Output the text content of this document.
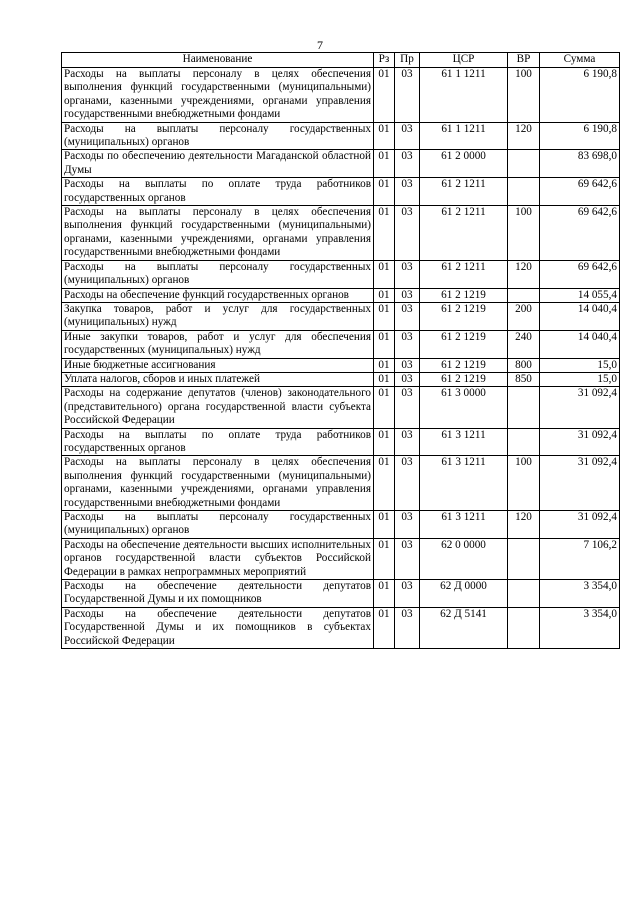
7
Наименование	Рз	Пр	ЦСР	ВР	Сумма
Расходы на выплаты персоналу в целях обеспечения выполнения функций государственными (муниципальными) органами, казенными учреждениями, органами управления государственными внебюджетными фондами	01	03	61 1 1211	100	6 190,8
Расходы на выплаты персоналу государственных (муниципальных) органов	01	03	61 1 1211	120	6 190,8
Расходы по обеспечению деятельности Магаданской областной Думы	01	03	61 2 0000		83 698,0
Расходы на выплаты по оплате труда работников государственных органов	01	03	61 2 1211		69 642,6
Расходы на выплаты персоналу в целях обеспечения выполнения функций государственными (муниципальными) органами, казенными учреждениями, органами управления государственными внебюджетными фондами	01	03	61 2 1211	100	69 642,6
Расходы на выплаты персоналу государственных (муниципальных) органов	01	03	61 2 1211	120	69 642,6
Расходы на обеспечение функций государственных органов	01	03	61 2 1219		14 055,4
Закупка товаров, работ и услуг для государственных (муниципальных) нужд	01	03	61 2 1219	200	14 040,4
Иные закупки товаров, работ и услуг для обеспечения государственных (муниципальных) нужд	01	03	61 2 1219	240	14 040,4
Иные бюджетные ассигнования	01	03	61 2 1219	800	15,0
Уплата налогов, сборов и иных платежей	01	03	61 2 1219	850	15,0
Расходы на содержание депутатов (членов) законодательного (представительного) органа государственной власти субъекта Российской Федерации	01	03	61 3 0000		31 092,4
Расходы на выплаты по оплате труда работников государственных органов	01	03	61 3 1211		31 092,4
Расходы на выплаты персоналу в целях обеспечения выполнения функций государственными (муниципальными) органами, казенными учреждениями, органами управления государственными внебюджетными фондами	01	03	61 3 1211	100	31 092,4
Расходы на выплаты персоналу государственных (муниципальных) органов	01	03	61 3 1211	120	31 092,4
Расходы на обеспечение деятельности высших исполнительных органов государственной власти субъектов Российской Федерации в рамках непрограммных мероприятий	01	03	62 0 0000		7 106,2
Расходы на обеспечение деятельности депутатов Государственной Думы и их помощников	01	03	62 Д 0000		3 354,0
Расходы на обеспечение деятельности депутатов Государственной Думы и их помощников в субъектах Российской Федерации	01	03	62 Д 5141		3 354,0
